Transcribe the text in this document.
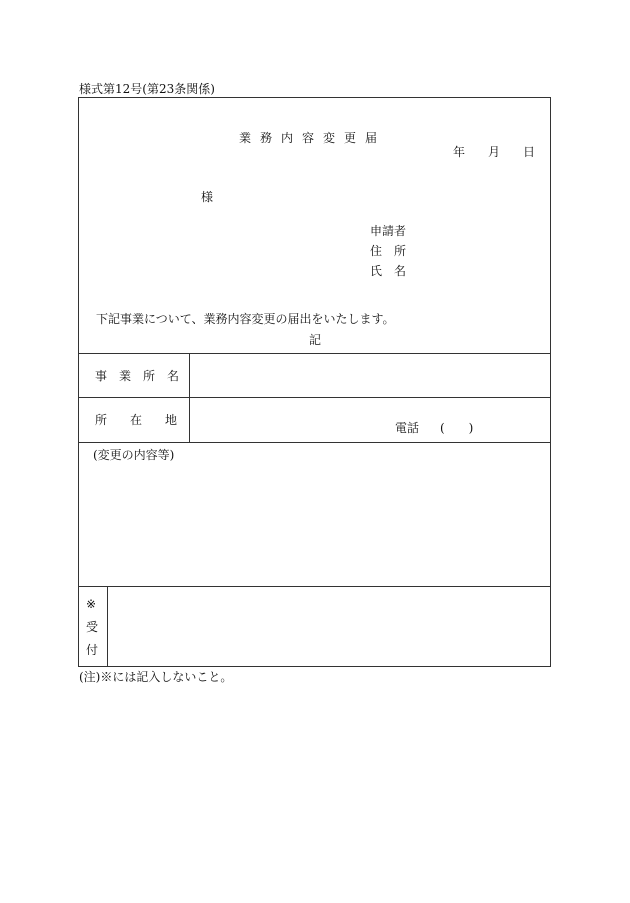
様式第12号(第23条関係)
業務内容変更届
年 月 日
様
申請者
住　所
氏　名
下記事業について、業務内容変更の届出をいたします。
記
事業所名
所在地
電話 (　　)
(変更の内容等)
※
受
付
(注)※には記入しないこと。
